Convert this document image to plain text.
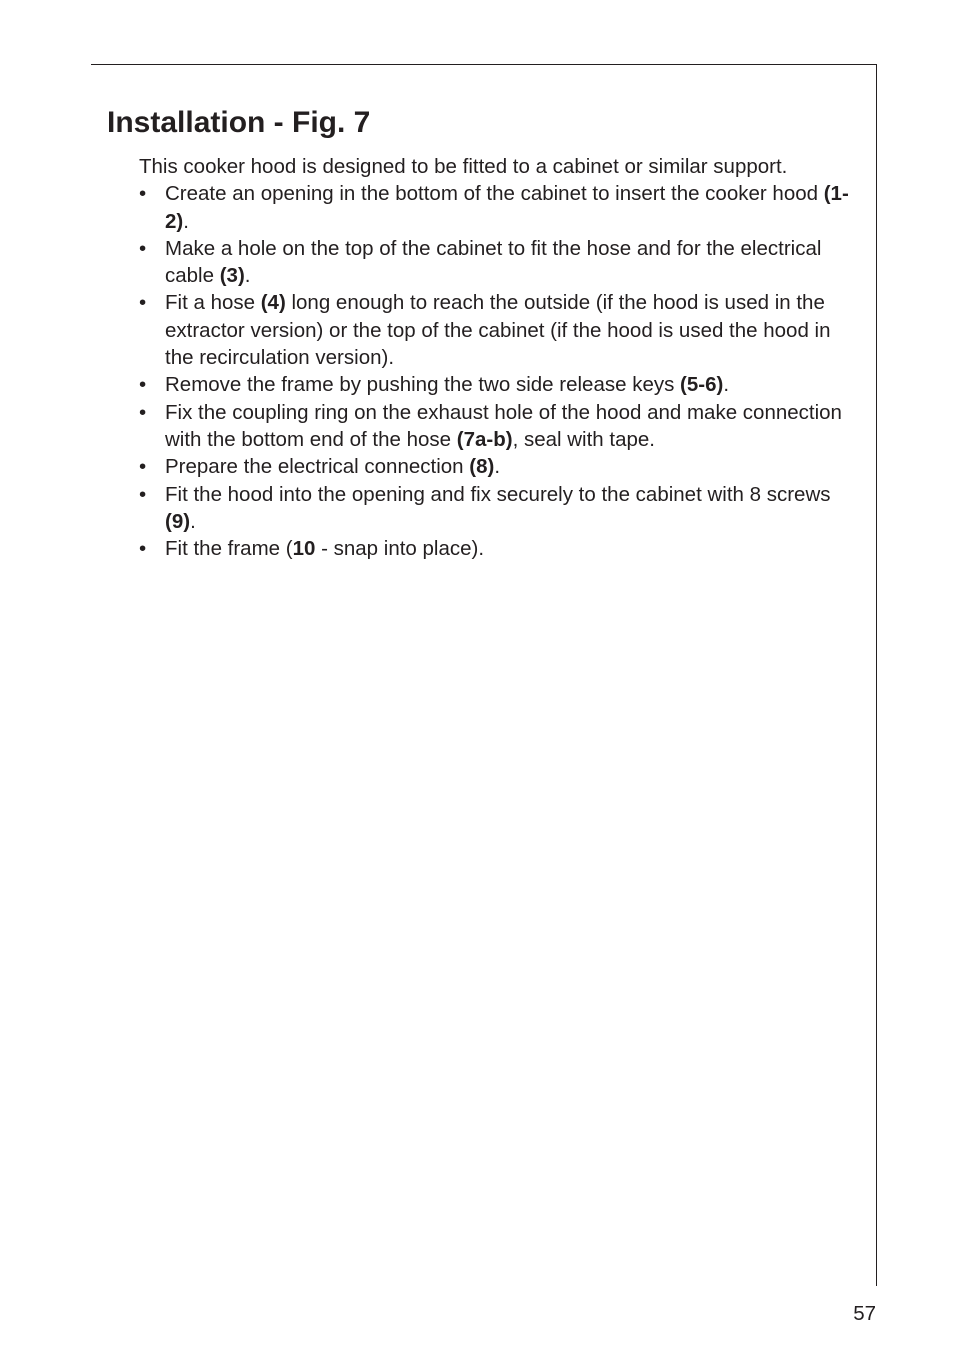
Installation - Fig. 7

This cooker hood is designed to be fitted to a cabinet or similar support.

• Create an opening in the bottom of the cabinet to insert the cooker hood (1-2).
• Make a hole on the top of the cabinet to fit the hose and for the electrical cable (3).
• Fit a hose (4) long enough to reach the outside (if the hood is used in the extractor version) or the top of the cabinet (if the hood is used the hood in the recirculation version).
• Remove the frame by pushing the two side release keys (5-6).
• Fix the coupling ring on the exhaust hole of the hood and make connection with the bottom end of the hose (7a-b), seal with tape.
• Prepare the electrical connection (8).
• Fit the hood into the opening and fix securely to the cabinet with 8 screws (9).
• Fit the frame (10 - snap into place).
57
